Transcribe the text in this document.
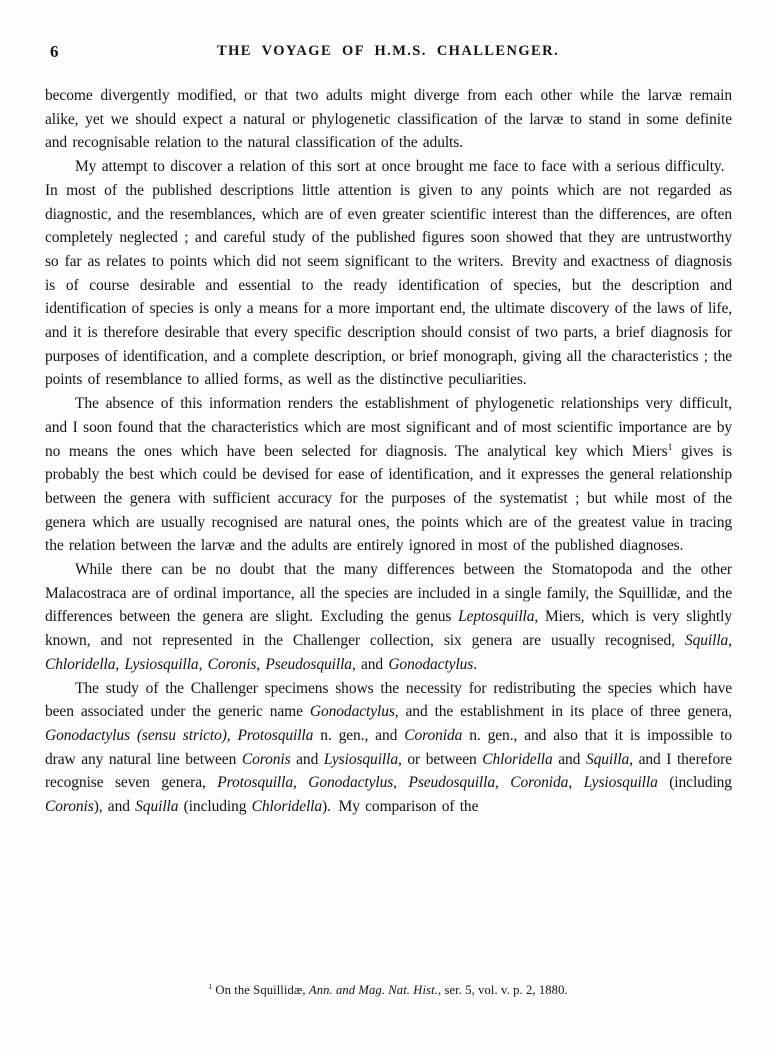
6	THE VOYAGE OF H.M.S. CHALLENGER.

become divergently modified, or that two adults might diverge from each other while the larvæ remain alike, yet we should expect a natural or phylogenetic classification of the larvæ to stand in some definite and recognisable relation to the natural classification of the adults.

My attempt to discover a relation of this sort at once brought me face to face with a serious difficulty. In most of the published descriptions little attention is given to any points which are not regarded as diagnostic, and the resemblances, which are of even greater scientific interest than the differences, are often completely neglected ; and careful study of the published figures soon showed that they are untrustworthy so far as relates to points which did not seem significant to the writers. Brevity and exactness of diagnosis is of course desirable and essential to the ready identification of species, but the description and identification of species is only a means for a more important end, the ultimate discovery of the laws of life, and it is therefore desirable that every specific description should consist of two parts, a brief diagnosis for purposes of identification, and a complete description, or brief monograph, giving all the characteristics ; the points of resemblance to allied forms, as well as the distinctive peculiarities.

The absence of this information renders the establishment of phylogenetic relationships very difficult, and I soon found that the characteristics which are most significant and of most scientific importance are by no means the ones which have been selected for diagnosis. The analytical key which Miers$^1$ gives is probably the best which could be devised for ease of identification, and it expresses the general relationship between the genera with sufficient accuracy for the purposes of the systematist ; but while most of the genera which are usually recognised are natural ones, the points which are of the greatest value in tracing the relation between the larvæ and the adults are entirely ignored in most of the published diagnoses.

While there can be no doubt that the many differences between the Stomatopoda and the other Malacostraca are of ordinal importance, all the species are included in a single family, the Squillidæ, and the differences between the genera are slight. Excluding the genus Leptosquilla, Miers, which is very slightly known, and not represented in the Challenger collection, six genera are usually recognised, Squilla, Chloridella, Lysiosquilla, Coronis, Pseudosquilla, and Gonodactylus.

The study of the Challenger specimens shows the necessity for redistributing the species which have been associated under the generic name Gonodactylus, and the establishment in its place of three genera, Gonodactylus (sensu stricto), Protosquilla n. gen., and Coronida n. gen., and also that it is impossible to draw any natural line between Coronis and Lysiosquilla, or between Chloridella and Squilla, and I therefore recognise seven genera, Protosquilla, Gonodactylus, Pseudosquilla, Coronida, Lysiosquilla (including Coronis), and Squilla (including Chloridella). My comparison of the

$^1$ On the Squillidæ, Ann. and Mag. Nat. Hist., ser. 5, vol. v. p. 2, 1880.
